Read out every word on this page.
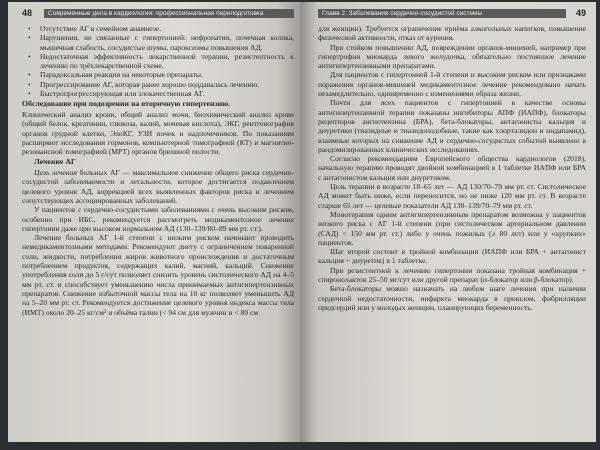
48	Современные дела в кардиологии: профессиональная переподготовка
• Отсутствие АГ в семейном анамнезе.
• Нарушения, не связанные с гипертонией: нефропатия, почечная колика, мышечная слабость, сосудистые шумы, пароксизмы повышения АД.
• Недостаточная эффективность лекарственной терапии, резистентность к лечению по трёхлекарственной схеме.
• Парадоксальная реакция на некоторые препараты.
• Прогрессирование АГ, которая ранее хорошо поддавалась лечению.
• Быстропрогрессирующая или злокачественная АГ.
Обследование при подозрении на вторичную гипертензию.

Клинический анализ крови, общий анализ мочи, биохимический анализ крови (общий белок, креатинин, глюкоза, калий, мочевая кислота), ЭКГ, рентгенография органов грудной клетки, ЭхоКГ, УЗИ почек и надпочечников. По показаниям расширяют исследования гормонов, компьютерной томографией (КТ) и магнитно-резонансной томографией (МРТ) органов брюшной полости.

Лечение АГ

Цель лечения больных АГ — максимальное снижение общего риска сердечно-сосудистой заболеваемости и летальности, которое достигается подавлением целевого уровня АД, коррекцией всех выявленных факторов риска и лечением сопутствующих ассоциированных заболеваний.

У пациентов с сердечно-сосудистыми заболеваниями с очень высоким риском, особенно при ИБС, рекомендуется рассмотреть медикаментозное лечение гипертонии даже при высоком нормальном АД (130–139/80–89 мм рт. ст.).

Лечение больных АГ 1-й степени с низким риском начинают проводить немедикаментозными методами. Рекомендуют диету с ограничением поваренной соли, жидкости, потребления жиров животного происхождения и достаточным потреблением продуктов, содержащих калий, магний, кальций. Снижение употребления соли до 5 г/сут позволяет снизить уровень систолического АД на 4–5 мм рт. ст. и способствует уменьшению числа принимаемых антигипертензивных препаратов. Снижение избыточной массы тела на 10 кг позволяет уменьшить АД на 5–20 мм рт. ст. Рекомендуется достижение целевого уровня индекса массы тела (ИМТ) около 20–25 кг/см² и объёма талии (< 94 см для мужчин и < 80 см

Глава 2. Заболевания сердечно-сосудистой системы	49

для женщин). Требуется ограничение приёма алкогольных напитков, повышение физической активности, отказ от курения.

При стойком повышении АД, повреждении органов-мишеней, например при гипертрофии миокарда левого желудочка, обязательно постоянное лечение антигипертензивными препаратами.

Для пациентов с гипертонией 1-й степени и высоким риском или признаками поражения органов-мишеней медикаментозное лечение рекомендовано начать незамедлительно, одновременно с изменениями образа жизни.

Почти для всех пациентов с гипертонией в качестве основы антигипертензивной терапии показаны ингибиторы АПФ (ИАПФ), блокаторы рецепторов ангиотензина (БРА), бета-блокаторы, антагонисты кальция и диуретики (тиазидные и тиазидоподобные, такие как хлорталидон и индапамид), взаимные которых на снижение АД и сердечно-сосудистых событий выявлено в рандомизированных клинических исследованиях.

Согласно рекомендациям Европейского общества кардиологов (2018), начальную терапию проводят двойной комбинацией в 1 таблетке ИАПФ или БРА с антагонистом кальция или диуретиком.

Цель терапии в возрасте 18–65 лет — АД 130/70–79 мм рт. ст. Систолическое АД может быть ниже, если переносится, но не ниже 120 мм рт. ст. В возрасте старше 65 лет — целевые показатели АД 130–139/70–79 мм рт. ст.

Монотерапия одним антигипертензивным препаратом возможна у пациентов низкого риска с АГ 1-й степени (при систолическом артериальном давлении (САД) < 150 мм рт. ст.) либо у очень пожилых (≥ 80 лет) или у «хрупких» пациентов.

Шаг второй состоит в тройной комбинации (ИАПФ или БРА + антагонист кальция + диуретик) в 1 таблетке.

При резистентной к лечению гипертонии показана тройная комбинация + спиронолактон 25–50 мг/сут или другой препарат (α-блокатор или β-блокатор).

Бета-блокаторы можно назначать на любом шаге лечения при наличии сердечной недостаточности, инфаркта миокарда в прошлом, фибрилляции предсердий или у молодых женщин, планирующих беременность.
